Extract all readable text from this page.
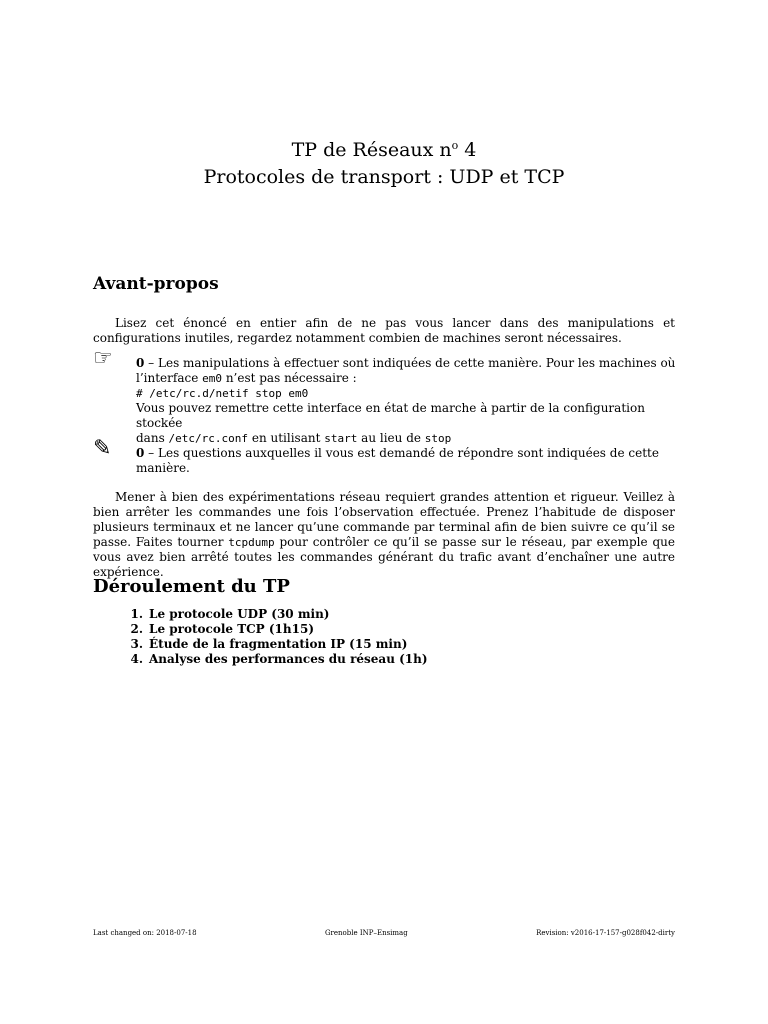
TP de Réseaux $n^o$ 4
Protocoles de transport : UDP et TCP
Avant-propos
Lisez cet énoncé en entier afin de ne pas vous lancer dans des manipulations et configurations inutiles, regardez notamment combien de machines seront nécessaires.
☞ 0 – Les manipulations à effectuer sont indiquées de cette manière. Pour les machines où
l’interface em0 n’est pas nécessaire :
# /etc/rc.d/netif stop em0
Vous pouvez remettre cette interface en état de marche à partir de la configuration stockée
dans /etc/rc.conf en utilisant start au lieu de stop
✎ 0 – Les questions auxquelles il vous est demandé de répondre sont indiquées de cette manière.
Mener à bien des expérimentations réseau requiert grandes attention et rigueur. Veillez à bien arrêter les commandes une fois l’observation effectuée. Prenez l’habitude de disposer plusieurs terminaux et ne lancer qu’une commande par terminal afin de bien suivre ce qu’il se passe. Faites tourner tcpdump pour contrôler ce qu’il se passe sur le réseau, par exemple que vous avez bien arrêté toutes les commandes générant du trafic avant d’enchaîner une autre expérience.
Déroulement du TP
1. Le protocole UDP (30 min)
2. Le protocole TCP (1h15)
3. Étude de la fragmentation IP (15 min)
4. Analyse des performances du réseau (1h)
Last changed on: 2018-07-18	Grenoble INP–Ensimag	Revision: v2016-17-157-g028f042-dirty
